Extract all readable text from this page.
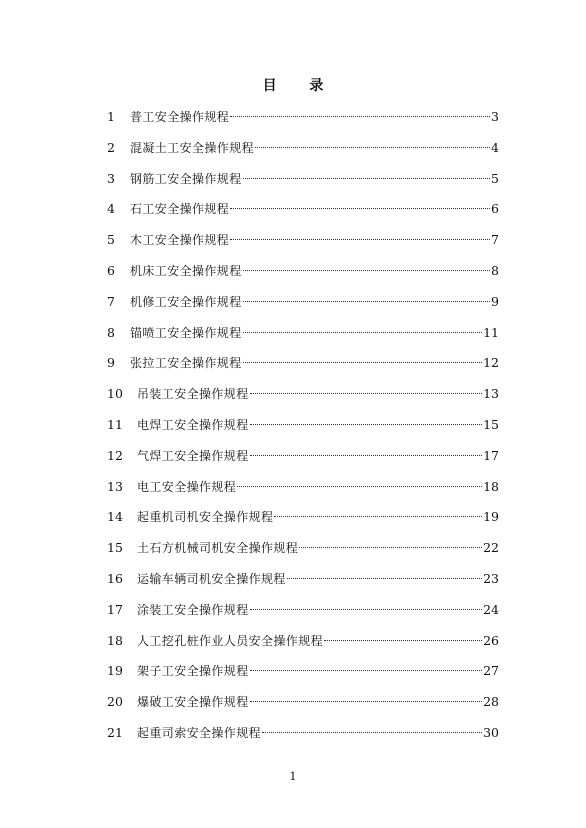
目 录
1	普工安全操作规程	3
2	混凝土工安全操作规程	4
3	钢筋工安全操作规程	5
4	石工安全操作规程	6
5	木工安全操作规程	7
6	机床工安全操作规程	8
7	机修工安全操作规程	9
8	锚喷工安全操作规程	11
9	张拉工安全操作规程	12
10	吊装工安全操作规程	13
11	电焊工安全操作规程	15
12	气焊工安全操作规程	17
13	电工安全操作规程	18
14	起重机司机安全操作规程	19
15	土石方机械司机安全操作规程	22
16	运输车辆司机安全操作规程	23
17	涂装工安全操作规程	24
18	人工挖孔桩作业人员安全操作规程	26
19	架子工安全操作规程	27
20	爆破工安全操作规程	28
21	起重司索安全操作规程	30
1
